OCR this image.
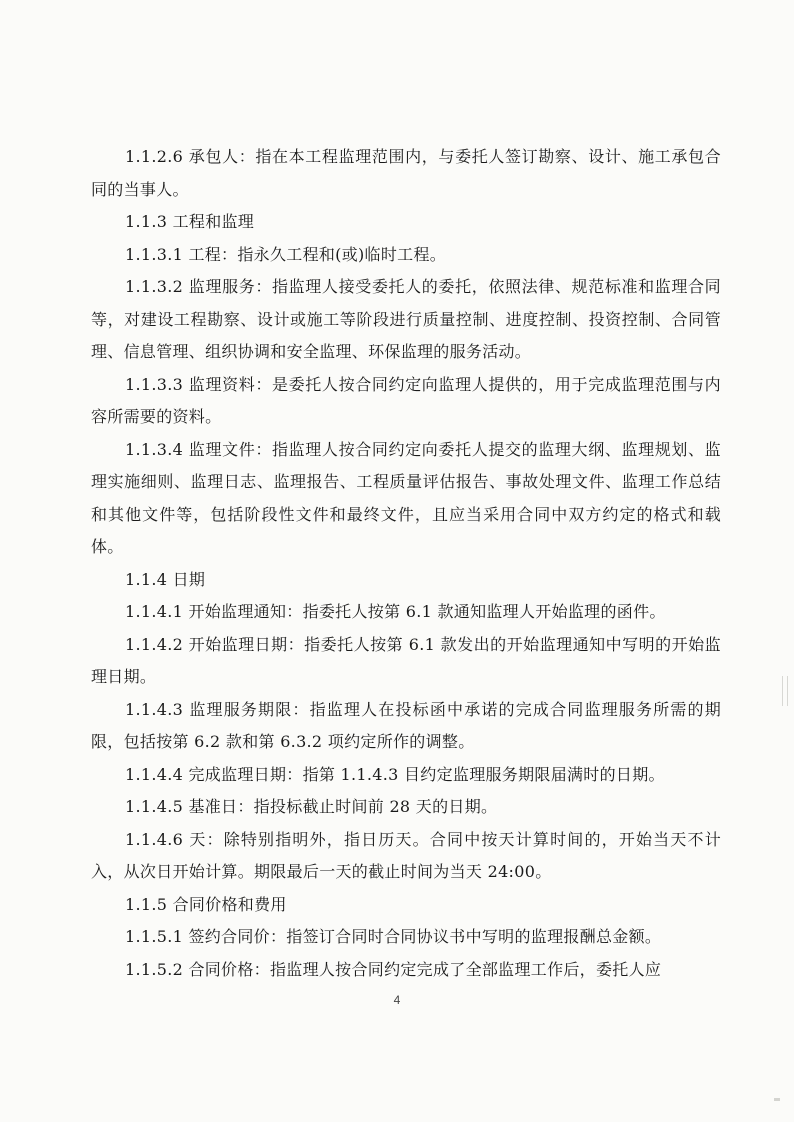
1.1.2.6 承包人：指在本工程监理范围内，与委托人签订勘察、设计、施工承包合同的当事人。

1.1.3 工程和监理

1.1.3.1 工程：指永久工程和(或)临时工程。

1.1.3.2 监理服务：指监理人接受委托人的委托，依照法律、规范标准和监理合同等，对建设工程勘察、设计或施工等阶段进行质量控制、进度控制、投资控制、合同管理、信息管理、组织协调和安全监理、环保监理的服务活动。

1.1.3.3 监理资料：是委托人按合同约定向监理人提供的，用于完成监理范围与内容所需要的资料。

1.1.3.4 监理文件：指监理人按合同约定向委托人提交的监理大纲、监理规划、监理实施细则、监理日志、监理报告、工程质量评估报告、事故处理文件、监理工作总结和其他文件等，包括阶段性文件和最终文件，且应当采用合同中双方约定的格式和载体。

1.1.4 日期

1.1.4.1 开始监理通知：指委托人按第 6.1 款通知监理人开始监理的函件。

1.1.4.2 开始监理日期：指委托人按第 6.1 款发出的开始监理通知中写明的开始监理日期。

1.1.4.3 监理服务期限：指监理人在投标函中承诺的完成合同监理服务所需的期限，包括按第 6.2 款和第 6.3.2 项约定所作的调整。

1.1.4.4 完成监理日期：指第 1.1.4.3 目约定监理服务期限届满时的日期。

1.1.4.5 基准日：指投标截止时间前 28 天的日期。

1.1.4.6 天：除特别指明外，指日历天。合同中按天计算时间的，开始当天不计入，从次日开始计算。期限最后一天的截止时间为当天 24:00。

1.1.5 合同价格和费用

1.1.5.1 签约合同价：指签订合同时合同协议书中写明的监理报酬总金额。

1.1.5.2 合同价格：指监理人按合同约定完成了全部监理工作后，委托人应

4
